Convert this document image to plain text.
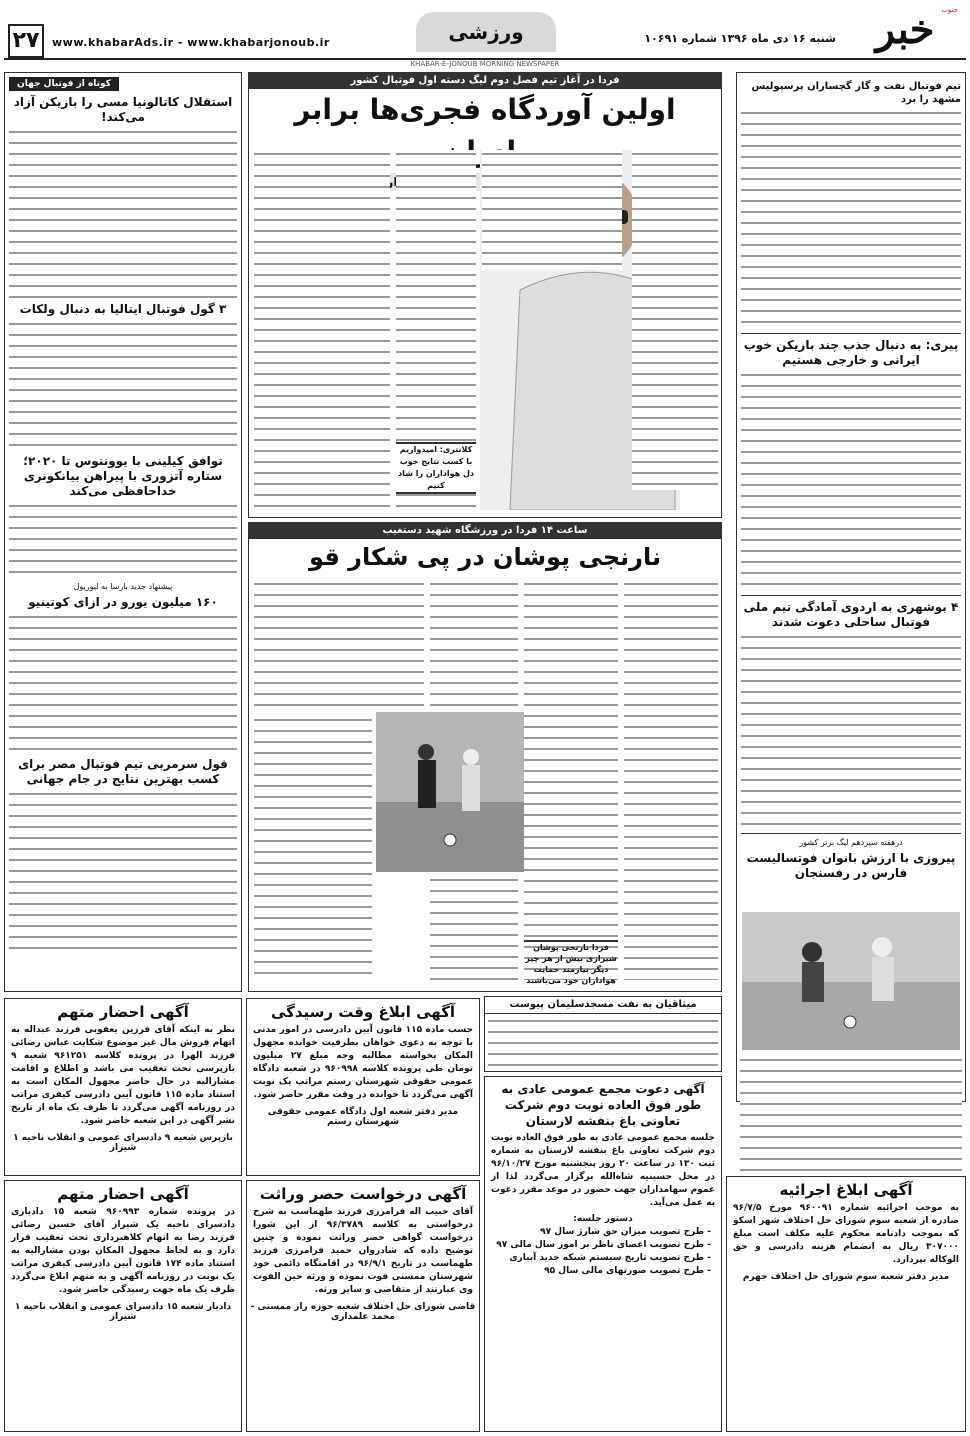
خبر جنوب
شنبه ۱۶ دی ماه ۱۳۹۶ شماره ۱۰۶۹۱
ورزشی
www.khabarAds.ir - www.khabarjonoub.ir
۲۷
KHABAR-E-JONOUB MORNING NEWSPAPER
تیم فوتبال نفت و گاز گچساران پرسپولیس مشهد را برد
پیری: به دنبال جذب چند بازیکن خوب ایرانی و خارجی هستیم
۴ بوشهری به اردوی آمادگی تیم ملی فوتبال ساحلی دعوت شدند
درهفته سیزدهم لیگ برتر کشور
پیروزی با ارزش بانوان فوتسالیست فارس در رفسنجان
فردا در آغاز تیم فصل دوم لیگ دسته اول فوتبال کشور
اولین آوردگاه فجری‌ها برابر
کلانتری: امیدواریم با کسب نتایج خوب دل هواداران را شاد کنیم
ساعت ۱۴ فردا در ورزشگاه شهید دستغیب
نارنجی پوشان در پی شکار قو
فردا نارنجی پوشان شیرازی بیش از هر چیز دیگر نیازمند حمایت هواداران خود می‌باشند
میثاقیان به نفت مسجدسلیمان پیوست
کوتاه از فوتبال جهان
استقلال کاتالونیا مسی را بازیکن آزاد می‌کند!
۳ گول فوتبال ایتالیا به دنبال ولکات
توافق کیلینی با یوونتوس تا ۲۰۲۰؛ ستاره آتزوری با پیراهن بیانکونری خداحافظی می‌کند
پیشنهاد جدید بارسا به لیورپول
۱۶۰ میلیون یورو در ازای کوتینیو
قول سرمربی تیم فوتبال مصر برای کسب بهترین نتایج در جام جهانی
آگهی احضار متهم
نظر به اینکه آقای فرزین یعقوبی فرزند عبداله به اتهام فروش مال غیر موضوع شکایت عباس رضائی فرزند الهرا در پرونده کلاسه ۹۶۱۲۵۱ شعبه ۹ بازپرسی تحت تعقیب می باشد و اطلاع و اقامت مشارالیه در حال حاضر مجهول المکان است به استناد ماده ۱۱۵ قانون آیین دادرسی کیفری مراتب در روزنامه آگهی می‌گردد تا ظرف یک ماه از تاریخ نشر آگهی در این شعبه حاضر شود.
بازپرس شعبه ۹ دادسرای عمومی و انقلاب ناحیه ۱ شیراز
آگهی ابلاغ وقت رسیدگی
حسب ماده ۱۱۵ قانون آیین دادرسی در امور مدنی با توجه به دعوی خواهان بطرفیت خوانده مجهول المکان بخواسته مطالبه وجه مبلغ ۲۷ میلیون تومان طی پرونده کلاسه ۹۶۰۹۹۸ در شعبه دادگاه عمومی حقوقی شهرستان رستم مراتب یک نوبت آگهی می‌گردد تا خوانده در وقت مقرر حاضر شود.
مدیر دفتر شعبه اول دادگاه عمومی حقوقی شهرستان رستم
آگهی دعوت مجمع عمومی عادی به طور فوق العاده نوبت دوم شرکت تعاونی باغ بنفشه لارستان
جلسه مجمع عمومی عادی به طور فوق العاده نوبت دوم شرکت تعاونی باغ بنفشه لارستان به شماره ثبت ۱۳۰ در ساعت ۲۰ روز پنجشنبه مورخ ۹۶/۱۰/۲۷ در محل حسینیه شاه‌الله برگزار می‌گردد لذا از عموم سهامداران جهت حضور در موعد مقرر دعوت به عمل می‌آید.
دستور جلسه:
- طرح تصویب میزان حق شارژ سال ۹۷
- طرح تصویب اعضای ناظر بر امور سال مالی ۹۷
- طرح تصویب تاریخ سیستم شبکه جدید آبیاری
- طرح تصویب صورتهای مالی سال ۹۵
آگهی احضار متهم
در پرونده شماره ۹۶۰۹۹۳ شعبه ۱۵ دادیاری دادسرای ناحیه یک شیراز آقای حسین رضائی فرزند رضا به اتهام کلاهبرداری تحت تعقیب قرار دارد و به لحاظ مجهول المکان بودن مشارالیه به استناد ماده ۱۷۴ قانون آیین دادرسی کیفری مراتب یک نوبت در روزنامه آگهی و به متهم ابلاغ می‌گردد ظرف یک ماه جهت رسیدگی حاضر شود.
دادیار شعبه ۱۵ دادسرای عمومی و انقلاب ناحیه ۱ شیراز
آگهی درخواست حصر وراثت
آقای حبیب اله فرامرزی فرزند طهماسب به شرح درخواستی به کلاسه ۹۶/۳۷۸۹ از این شورا درخواست گواهی حصر وراثت نموده و چنین توضیح داده که شادروان حمید فرامرزی فرزند طهماسب در تاریخ ۹۶/۹/۱ در اقامتگاه دائمی خود شهرستان ممسنی فوت نموده و ورثه حین الفوت وی عبارتند از متقاضی و سایر ورثه.
قاضی شورای حل اختلاف شعبه حوزه راز ممسنی - محمد علمداری
آگهی ابلاغ اجرائیه
به موجب اجرائیه شماره ۹۶۰۰۹۱ مورخ ۹۶/۷/۵ صادره از شعبه سوم شورای حل اختلاف شهر اسکو که بموجب دادنامه محکوم علیه مکلف است مبلغ ۳۰۷۰۰۰ ریال به انضمام هزینه دادرسی و حق الوکاله بپردازد.
مدیر دفتر شعبه سوم شورای حل اختلاف جهرم
